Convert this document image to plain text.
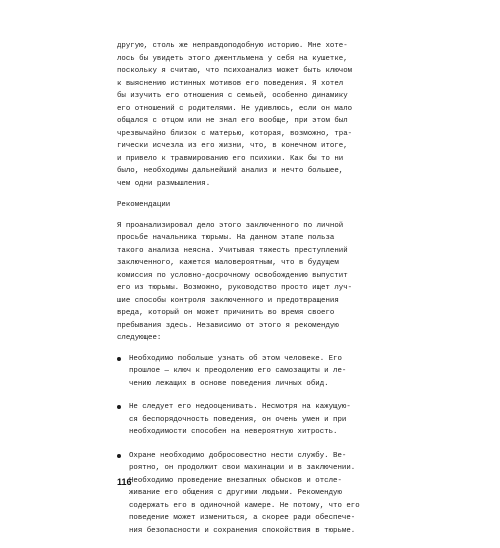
другую, столь же неправдоподобную историю. Мне хоте-
лось бы увидеть этого джентльмена у себя на кушетке,
поскольку я считаю, что психоанализ может быть ключом
к выяснению истинных мотивов его поведения. Я хотел
бы изучить его отношения с семьей, особенно динамику
его отношений с родителями. Не удивлюсь, если он мало
общался с отцом или не знал его вообще, при этом был
чрезвычайно близок с матерью, которая, возможно, тра-
гически исчезла из его жизни, что, в конечном итоге,
и привело к травмированию его психики. Как бы то ни
было, необходимы дальнейший анализ и нечто большее,
чем одни размышления.
Рекомендации
Я проанализировал дело этого заключенного по личной
просьбе начальника тюрьмы. На данном этапе польза
такого анализа неясна. Учитывая тяжесть преступлений
заключенного, кажется маловероятным, что в будущем
комиссия по условно-досрочному освобождению выпустит
его из тюрьмы. Возможно, руководство просто ищет луч-
шие способы контроля заключенного и предотвращения
вреда, который он может причинить во время своего
пребывания здесь. Независимо от этого я рекомендую
следующее:
Необходимо побольше узнать об этом человеке. Его
прошлое — ключ к преодолению его самозащиты и ле-
чению лежащих в основе поведения личных обид.
Не следует его недооценивать. Несмотря на кажущую-
ся беспорядочность поведения, он очень умен и при
необходимости способен на невероятную хитрость.
Охране необходимо добросовестно нести службу. Ве-
роятно, он продолжит свои махинации и в заключении.
Необходимо проведение внезапных обысков и отсле-
живание его общения с другими людьми. Рекомендую
содержать его в одиночной камере. Не потому, что его
поведение может измениться, а скорее ради обеспече-
ния безопасности и сохранения спокойствия в тюрьме.
116
